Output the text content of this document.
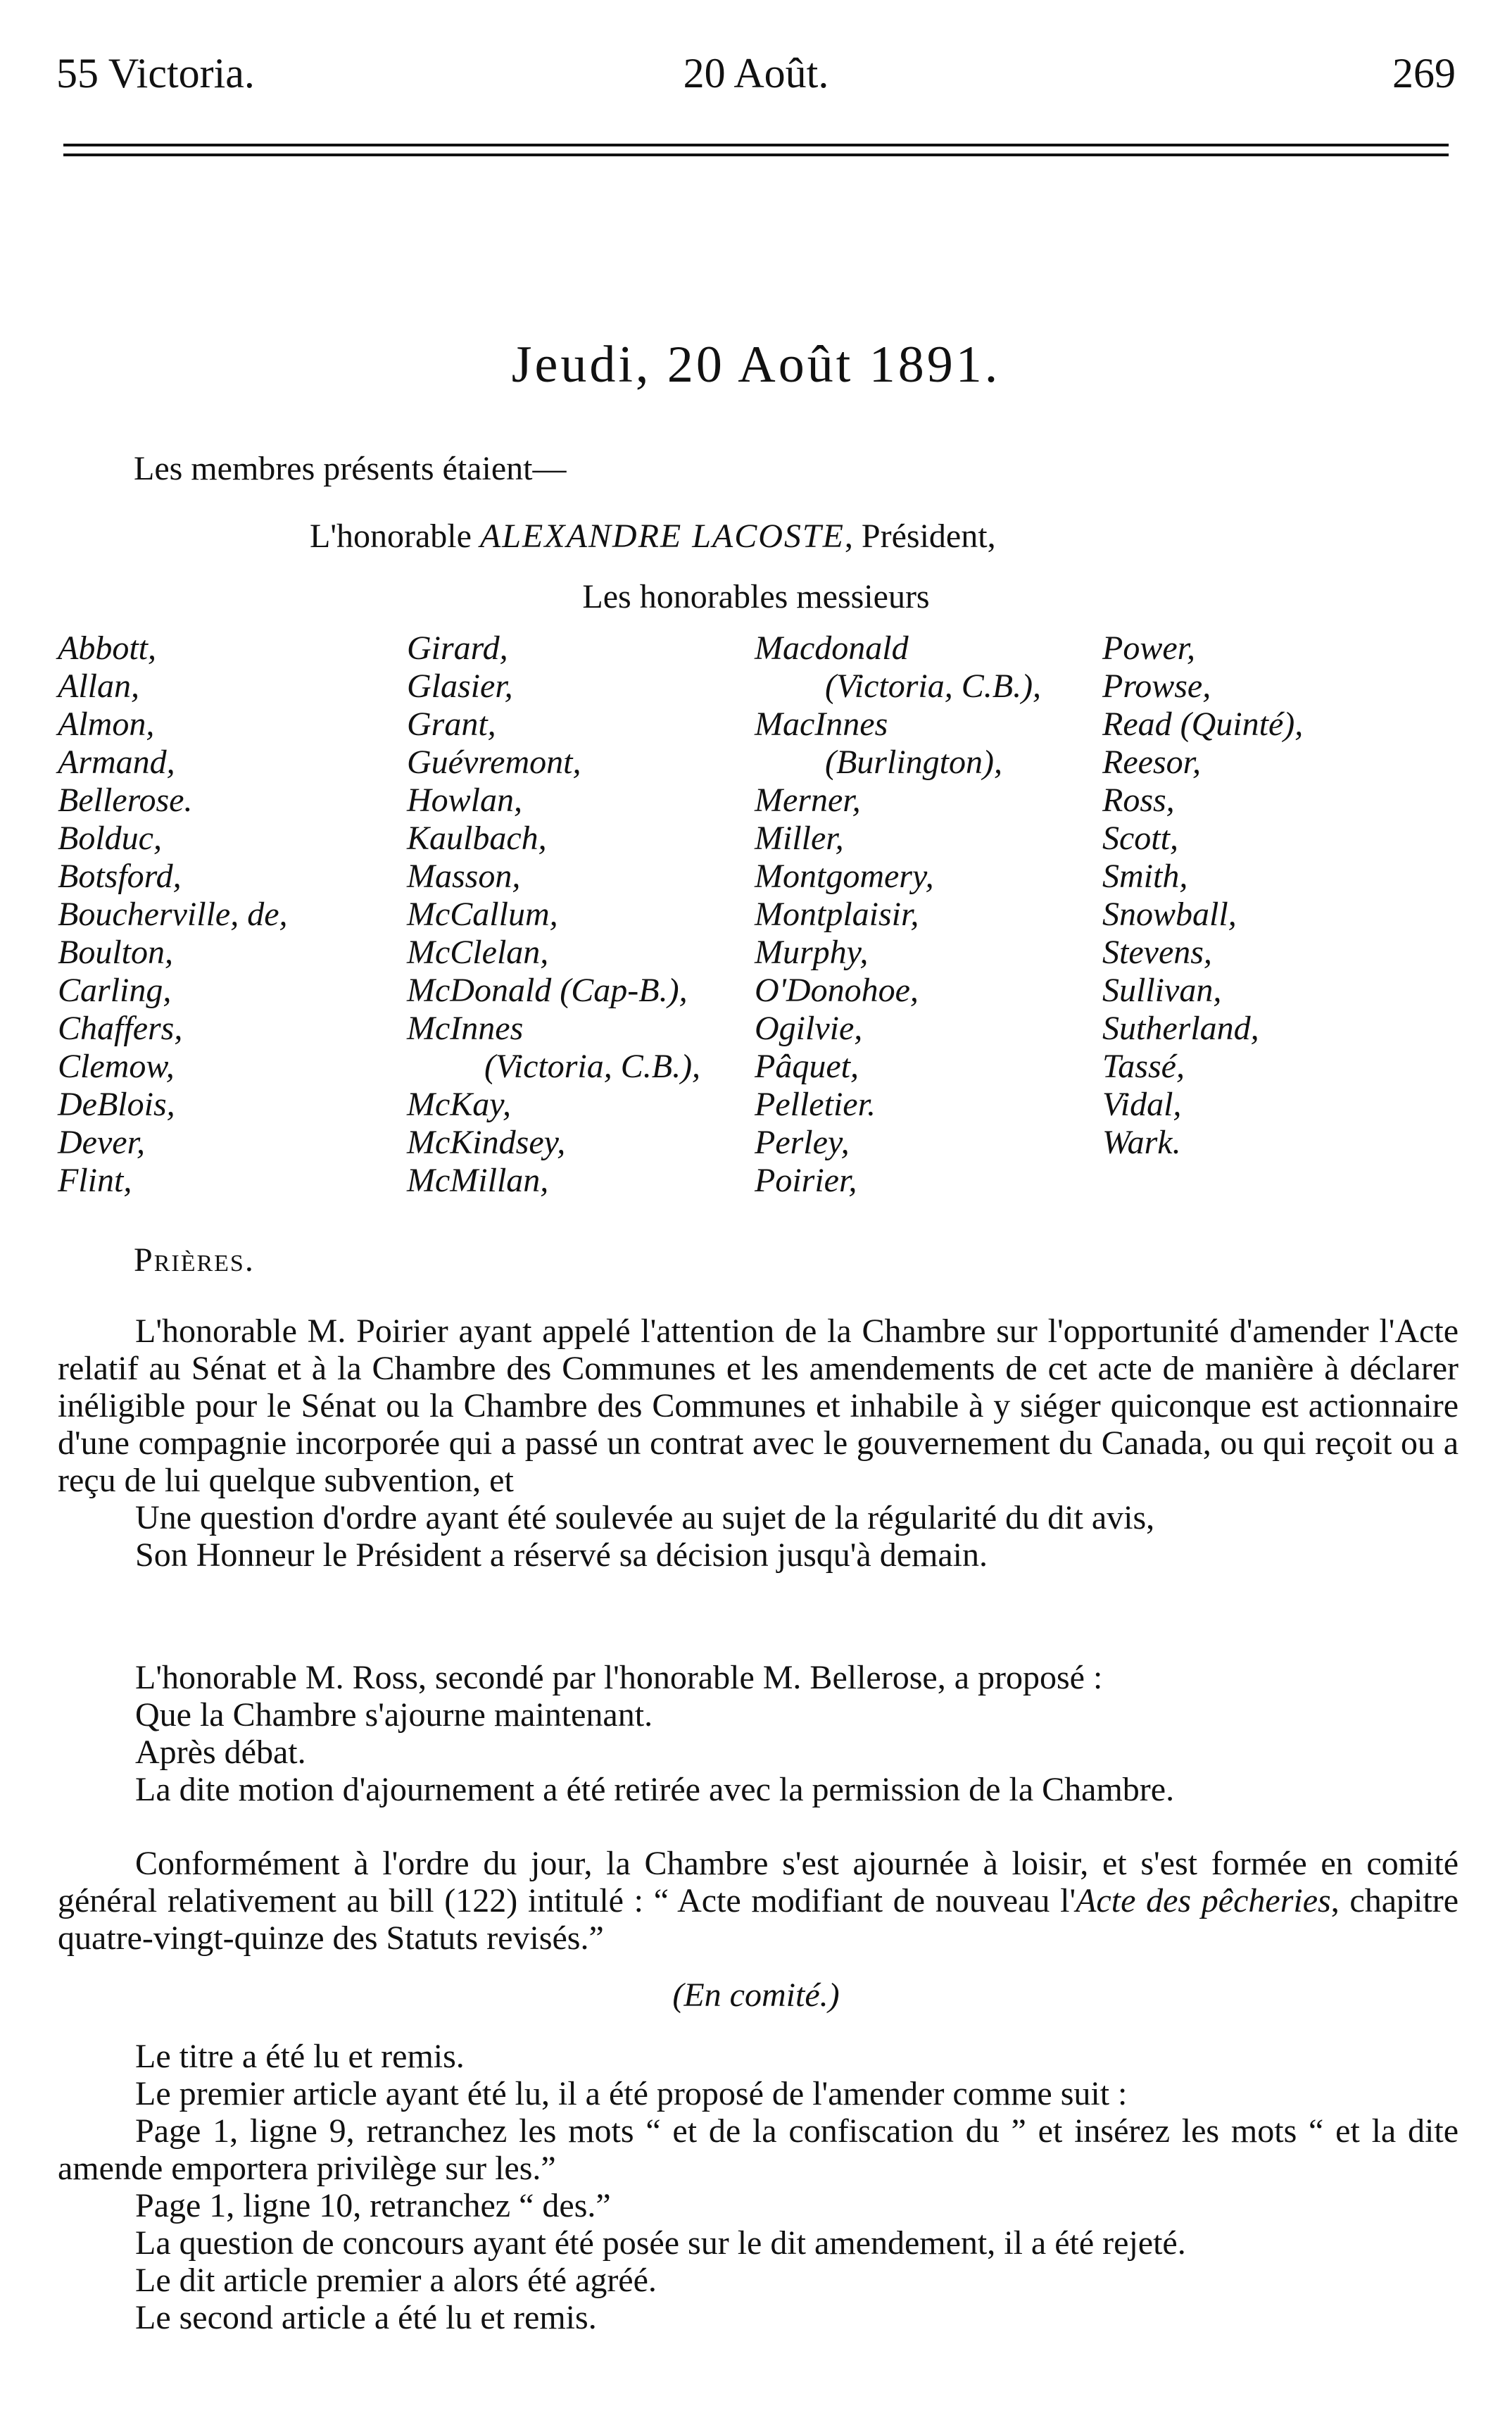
55 Victoria.	20 Août.	269
Jeudi, 20 Août 1891.
Les membres présents étaient—
L'honorable ALEXANDRE LACOSTE, Président,
Les honorables messieurs
Abbott,
Allan,
Almon,
Armand,
Bellerose.
Bolduc,
Botsford,
Boucherville, de,
Boulton,
Carling,
Chaffers,
Clemow,
DeBlois,
Dever,
Flint,
Girard,
Glasier,
Grant,
Guévremont,
Howlan,
Kaulbach,
Masson,
McCallum,
McClelan,
McDonald (Cap-B.),
McInnes
(Victoria, C.B.),
McKay,
McKindsey,
McMillan,
Macdonald
(Victoria, C.B.),
MacInnes
(Burlington),
Merner,
Miller,
Montgomery,
Montplaisir,
Murphy,
O'Donohoe,
Ogilvie,
Pâquet,
Pelletier.
Perley,
Poirier,
Power,
Prowse,
Read (Quinté),
Reesor,
Ross,
Scott,
Smith,
Snowball,
Stevens,
Sullivan,
Sutherland,
Tassé,
Vidal,
Wark.
Prières.
L'honorable M. Poirier ayant appelé l'attention de la Chambre sur l'opportunité d'amender l'Acte relatif au Sénat et à la Chambre des Communes et les amendements de cet acte de manière à déclarer inéligible pour le Sénat ou la Chambre des Communes et inhabile à y siéger quiconque est actionnaire d'une compagnie incorporée qui a passé un contrat avec le gouvernement du Canada, ou qui reçoit ou a reçu de lui quelque subvention, et
Une question d'ordre ayant été soulevée au sujet de la régularité du dit avis,
Son Honneur le Président a réservé sa décision jusqu'à demain.
L'honorable M. Ross, secondé par l'honorable M. Bellerose, a proposé :
Que la Chambre s'ajourne maintenant.
Après débat.
La dite motion d'ajournement a été retirée avec la permission de la Chambre.
Conformément à l'ordre du jour, la Chambre s'est ajournée à loisir, et s'est formée en comité général relativement au bill (122) intitulé : “ Acte modifiant de nouveau l'Acte des pêcheries, chapitre quatre-vingt-quinze des Statuts revisés.”
(En comité.)
Le titre a été lu et remis.
Le premier article ayant été lu, il a été proposé de l'amender comme suit :
Page 1, ligne 9, retranchez les mots “ et de la confiscation du ” et insérez les mots “ et la dite amende emportera privilège sur les.”
Page 1, ligne 10, retranchez “ des.”
La question de concours ayant été posée sur le dit amendement, il a été rejeté.
Le dit article premier a alors été agréé.
Le second article a été lu et remis.
